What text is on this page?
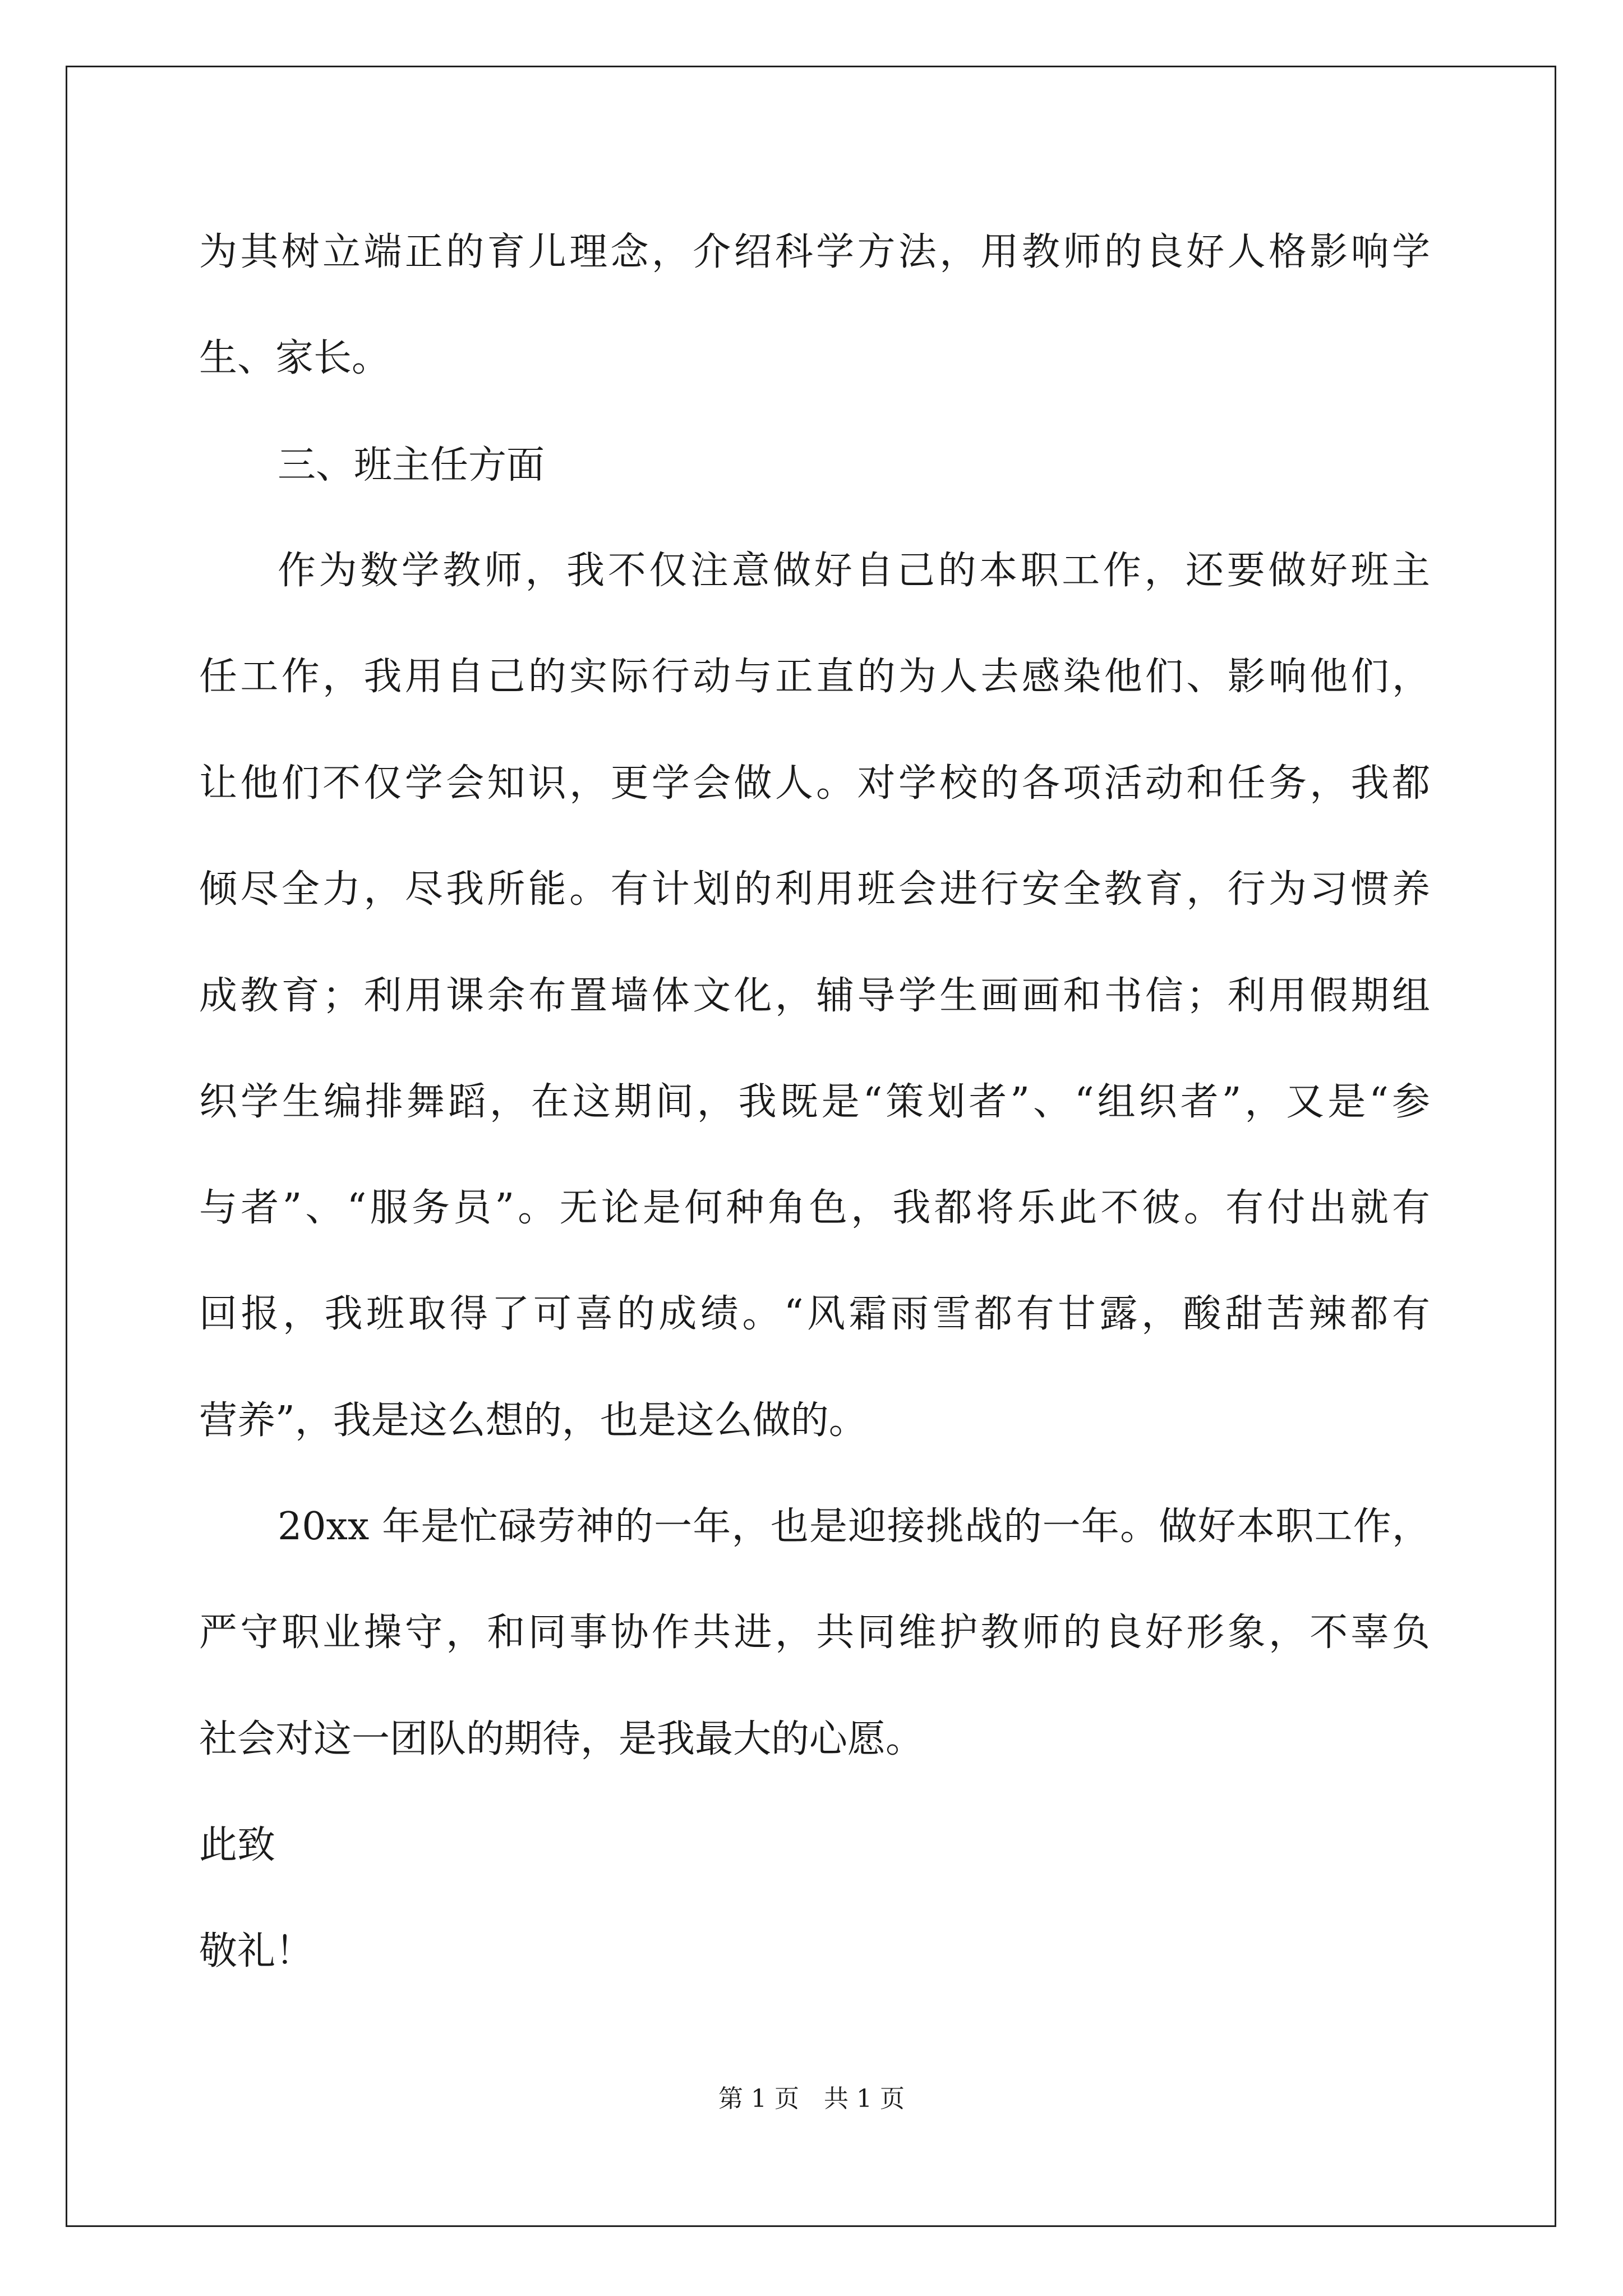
为其树立端正的育儿理念，介绍科学方法，用教师的良好人格影响学
生、家长。
三、班主任方面
作为数学教师，我不仅注意做好自己的本职工作，还要做好班主
任工作，我用自己的实际行动与正直的为人去感染他们、影响他们，
让他们不仅学会知识，更学会做人。对学校的各项活动和任务，我都
倾尽全力，尽我所能。有计划的利用班会进行安全教育，行为习惯养
成教育；利用课余布置墙体文化，辅导学生画画和书信；利用假期组
织学生编排舞蹈，在这期间，我既是“策划者”、“组织者”，又是“参
与者”、“服务员”。无论是何种角色，我都将乐此不彼。有付出就有
回报，我班取得了可喜的成绩。“风霜雨雪都有甘露，酸甜苦辣都有
营养”，我是这么想的，也是这么做的。
20xx 年是忙碌劳神的一年，也是迎接挑战的一年。做好本职工作，
严守职业操守，和同事协作共进，共同维护教师的良好形象，不辜负
社会对这一团队的期待，是我最大的心愿。
此致
敬礼！
第 1 页　共 1 页
